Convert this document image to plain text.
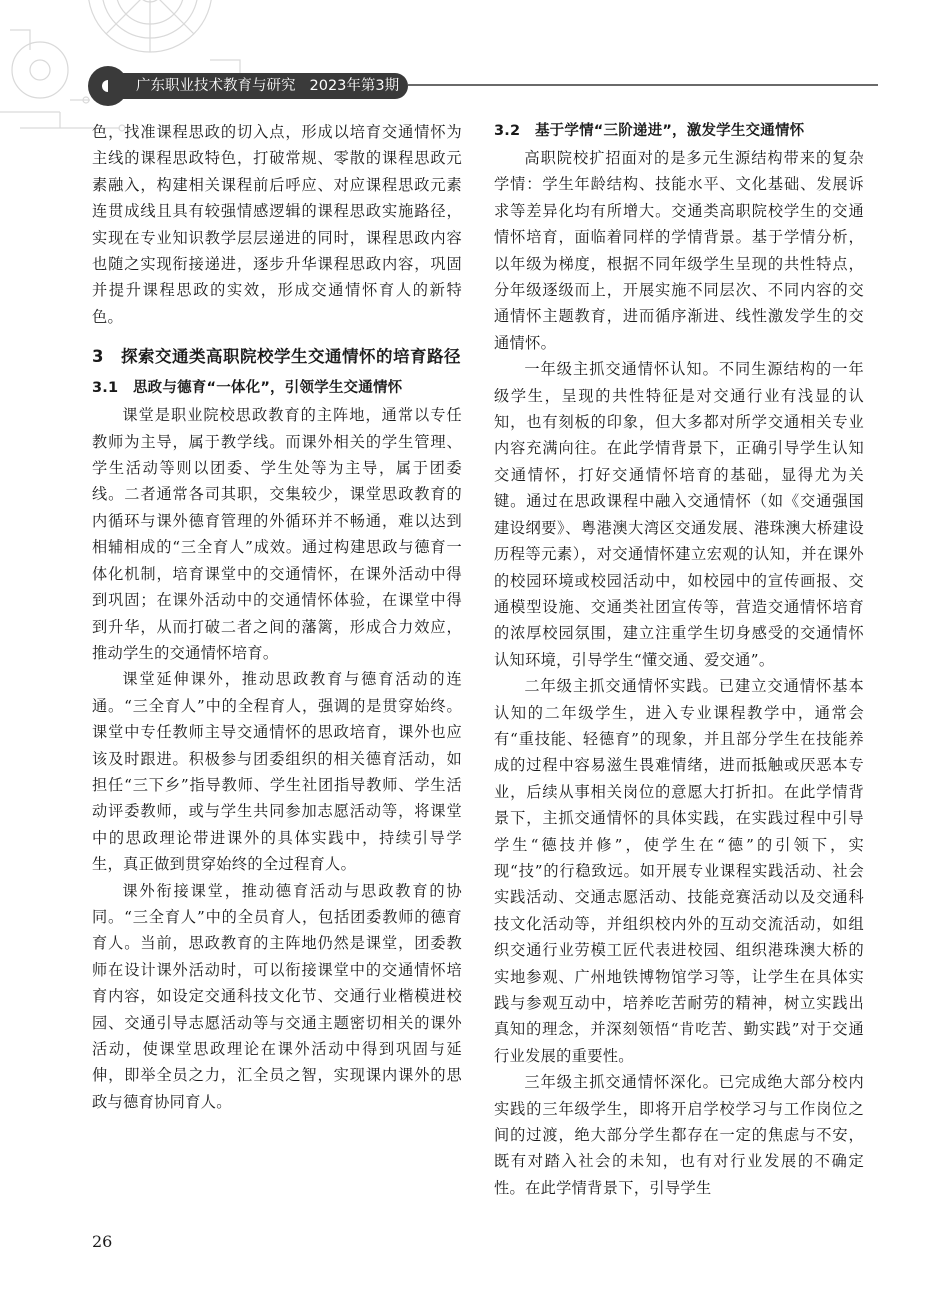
广东职业技术教育与研究 2023年第3期

色，找准课程思政的切入点，形成以培育交通情怀为主线的课程思政特色，打破常规、零散的课程思政元素融入，构建相关课程前后呼应、对应课程思政元素连贯成线且具有较强情感逻辑的课程思政实施路径，实现在专业知识教学层层递进的同时，课程思政内容也随之实现衔接递进，逐步升华课程思政内容，巩固并提升课程思政的实效，形成交通情怀育人的新特色。

3　探索交通类高职院校学生交通情怀的培育路径
3.1　思政与德育“一体化”，引领学生交通情怀

课堂是职业院校思政教育的主阵地，通常以专任教师为主导，属于教学线。而课外相关的学生管理、学生活动等则以团委、学生处等为主导，属于团委线。二者通常各司其职，交集较少，课堂思政教育的内循环与课外德育管理的外循环并不畅通，难以达到相辅相成的“三全育人”成效。通过构建思政与德育一体化机制，培育课堂中的交通情怀，在课外活动中得到巩固；在课外活动中的交通情怀体验，在课堂中得到升华，从而打破二者之间的藩篱，形成合力效应，推动学生的交通情怀培育。

课堂延伸课外，推动思政教育与德育活动的连通。“三全育人”中的全程育人，强调的是贯穿始终。课堂中专任教师主导交通情怀的思政培育，课外也应该及时跟进。积极参与团委组织的相关德育活动，如担任“三下乡”指导教师、学生社团指导教师、学生活动评委教师，或与学生共同参加志愿活动等，将课堂中的思政理论带进课外的具体实践中，持续引导学生，真正做到贯穿始终的全过程育人。

课外衔接课堂，推动德育活动与思政教育的协同。“三全育人”中的全员育人，包括团委教师的德育育人。当前，思政教育的主阵地仍然是课堂，团委教师在设计课外活动时，可以衔接课堂中的交通情怀培育内容，如设定交通科技文化节、交通行业楷模进校园、交通引导志愿活动等与交通主题密切相关的课外活动，使课堂思政理论在课外活动中得到巩固与延伸，即举全员之力，汇全员之智，实现课内课外的思政与德育协同育人。

3.2　基于学情“三阶递进”，激发学生交通情怀

高职院校扩招面对的是多元生源结构带来的复杂学情：学生年龄结构、技能水平、文化基础、发展诉求等差异化均有所增大。交通类高职院校学生的交通情怀培育，面临着同样的学情背景。基于学情分析，以年级为梯度，根据不同年级学生呈现的共性特点，分年级逐级而上，开展实施不同层次、不同内容的交通情怀主题教育，进而循序渐进、线性激发学生的交通情怀。

一年级主抓交通情怀认知。不同生源结构的一年级学生，呈现的共性特征是对交通行业有浅显的认知，也有刻板的印象，但大多都对所学交通相关专业内容充满向往。在此学情背景下，正确引导学生认知交通情怀，打好交通情怀培育的基础，显得尤为关键。通过在思政课程中融入交通情怀（如《交通强国建设纲要》、粤港澳大湾区交通发展、港珠澳大桥建设历程等元素），对交通情怀建立宏观的认知，并在课外的校园环境或校园活动中，如校园中的宣传画报、交通模型设施、交通类社团宣传等，营造交通情怀培育的浓厚校园氛围，建立注重学生切身感受的交通情怀认知环境，引导学生“懂交通、爱交通”。

二年级主抓交通情怀实践。已建立交通情怀基本认知的二年级学生，进入专业课程教学中，通常会有“重技能、轻德育”的现象，并且部分学生在技能养成的过程中容易滋生畏难情绪，进而抵触或厌恶本专业，后续从事相关岗位的意愿大打折扣。在此学情背景下，主抓交通情怀的具体实践，在实践过程中引导学生“德技并修”，使学生在“德”的引领下，实现“技”的行稳致远。如开展专业课程实践活动、社会实践活动、交通志愿活动、技能竞赛活动以及交通科技文化活动等，并组织校内外的互动交流活动，如组织交通行业劳模工匠代表进校园、组织港珠澳大桥的实地参观、广州地铁博物馆学习等，让学生在具体实践与参观互动中，培养吃苦耐劳的精神，树立实践出真知的理念，并深刻领悟“肯吃苦、勤实践”对于交通行业发展的重要性。

三年级主抓交通情怀深化。已完成绝大部分校内实践的三年级学生，即将开启学校学习与工作岗位之间的过渡，绝大部分学生都存在一定的焦虑与不安，既有对踏入社会的未知，也有对行业发展的不确定性。在此学情背景下，引导学生

26
